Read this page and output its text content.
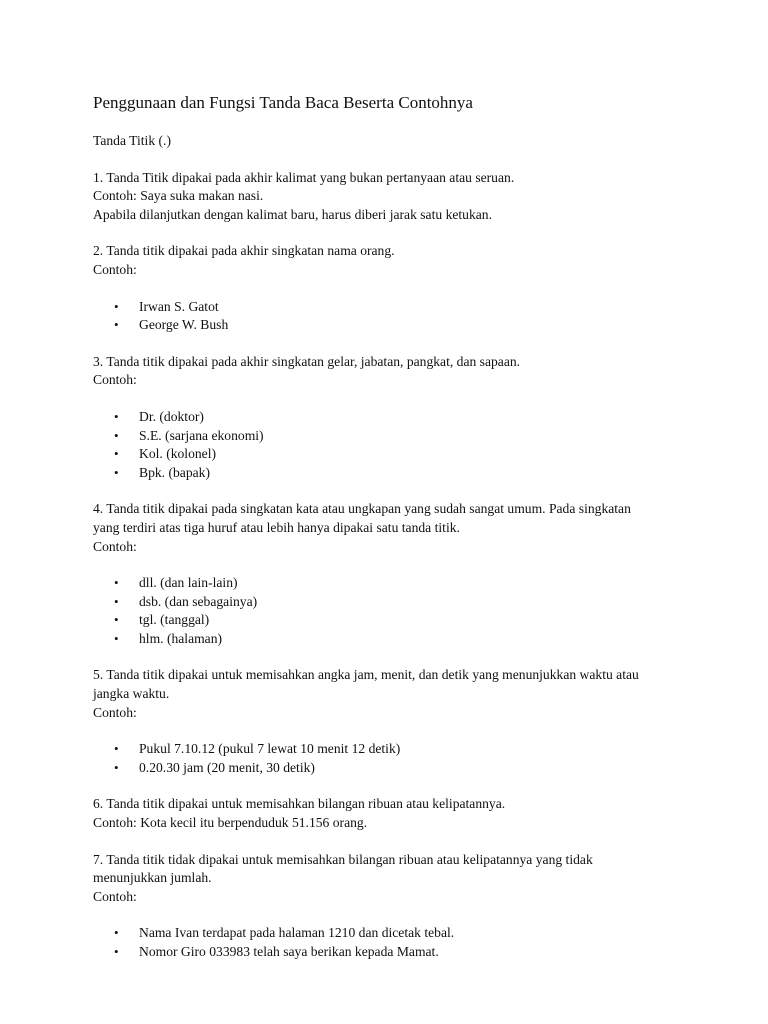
Penggunaan dan Fungsi Tanda Baca Beserta Contohnya
Tanda Titik (.)

1. Tanda Titik dipakai pada akhir kalimat yang bukan pertanyaan atau seruan.

Contoh: Saya suka makan nasi.

Apabila dilanjutkan dengan kalimat baru, harus diberi jarak satu ketukan.

2. Tanda titik dipakai pada akhir singkatan nama orang.

Contoh:

• Irwan S. Gatot
• George W. Bush

3. Tanda titik dipakai pada akhir singkatan gelar, jabatan, pangkat, dan sapaan.

Contoh:

• Dr. (doktor)
• S.E. (sarjana ekonomi)
• Kol. (kolonel)
• Bpk. (bapak)

4. Tanda titik dipakai pada singkatan kata atau ungkapan yang sudah sangat umum. Pada singkatan

yang terdiri atas tiga huruf atau lebih hanya dipakai satu tanda titik.

Contoh:

• dll. (dan lain-lain)
• dsb. (dan sebagainya)
• tgl. (tanggal)
• hlm. (halaman)

5. Tanda titik dipakai untuk memisahkan angka jam, menit, dan detik yang menunjukkan waktu atau

jangka waktu.

Contoh:

• Pukul 7.10.12 (pukul 7 lewat 10 menit 12 detik)
• 0.20.30 jam (20 menit, 30 detik)

6. Tanda titik dipakai untuk memisahkan bilangan ribuan atau kelipatannya.

Contoh: Kota kecil itu berpenduduk 51.156 orang.

7. Tanda titik tidak dipakai untuk memisahkan bilangan ribuan atau kelipatannya yang tidak

menunjukkan jumlah.

Contoh:

• Nama Ivan terdapat pada halaman 1210 dan dicetak tebal.
• Nomor Giro 033983 telah saya berikan kepada Mamat.
